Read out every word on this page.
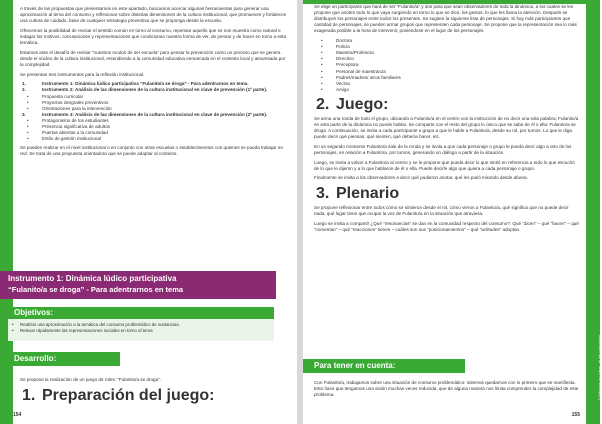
A través de las propuestas que presentamos en este apartado, buscamos acercar algunas herramientas para generar una aproximación al tema del consumo y reflexionar sobre distintas dimensiones de la cultura institucional, que promueven y fortalecen una cultura de cuidado, base de cualquier estrategia preventiva que se proponga desde la escuela.

Ofrecemos la posibilidad de revisar el sentido común en torno al consumo, repensar aquello que se nos muestra como natural e indagar los motivos, concepciones y representaciones que condicionan nuestra forma de ver, de pensar y de hacer en torno a esta temática.

Estamos ante el desafío de revisar “nuestros modos de ser escuela” para pensar la prevención como un proceso que se genera desde el núcleo de la cultura institucional, entendiendo a la comunidad educativa enmarcada en el contexto local y atravesada por la complejidad.

Se presentan tres instrumentos para la reflexión institucional.

1.	Instrumento 1: Dinámica lúdico participativa “Fulanito/a se droga” - Para adentrarnos en tema.
2.	Instrumento 2: Análisis de las dimensiones de la cultura institucional en clave de prevención (1º parte).
• Propuesta curricular
• Proyectos integrales preventivos
• Orientaciones para la intervención
3.	Instrumento 3: Análisis de las dimensiones de la cultura institucional en clave de prevención (2º parte).
• Protagonismo de los estudiantes
• Presencia significativa de adultos
• Puertas abiertas a la comunidad
• Estilo de gestión institucional

Se pueden realizar en el nivel institucional o en conjunto con otras escuelas o establecimientos con quienes se pueda trabajar en red. Se trata de una propuesta orientadora que se puede adaptar al contexto.

Instrumento 1: Dinámica lúdico participativa
“Fulanito/a se droga” - Para adentrarnos en tema
Objetivos:
• Realizar una aproximación a la temática del consumo problemático de sustancias.
• Relevar rápidamente las representaciones sociales en torno al tema
Desarrollo:

Se propone la realización de un juego de roles: “Fulanito/a se droga”.

1. Preparación del juego:
154
Cuidarnos en juego, el del prevenido

Se elige un participante que hará de ser “Fulanito/a” y dos para que sean observadores de toda la dinámica, a los cuales se les propone que anoten todo lo que vaya surgiendo en torno lo que se dice, los gestos, lo que les llama la atención. Después se distribuyen los personajes entre todos los presentes. Se sugiere la siguiente lista de personajes. Si hay más participantes que cantidad de personajes, se pueden armar grupos que representen cada personaje. Se propone que la representación sea lo más exagerada posible a la hora de intervenir, poniéndose en el lugar de los personajes.

• Doctora
• Policía
• Maestra/Profesora
• Directivo
• Preceptora
• Personal de maestranza
• Padres/madres/ otros familiares
• Vecina
• Amigo
2. Juego:

Se arma una ronda de todo el grupo, ubicando a Fulanito/a en el centro con la instrucción de no decir una sola palabra; Fulanito/a en esta parte de la dinámica no puede hablar. Se comparte con el resto del grupo lo único que se sabe de él o ella: Fulanito/a se droga. A continuación, se invita a cada participante o grupo a que le hable a Fulanito/a, desde su rol, por turnos. Lo que le diga puede decir qué piensan, qué sienten, qué debería hacer, etc.

En un segundo momento Fulanito/a sale de la ronda y se invita a que cada personaje o grupo le pueda decir algo a otro de los personajes, en relación a Fulanito/a, por turnos, generando un diálogo a partir de la situación.

Luego, se invita a volver a Fulanito/a al centro y se le propone que pueda decir lo que sintió en referencia a todo lo que escuchó de lo que le dijeron y a lo que hablaron de él o ella. Puede decirle algo que quiera a cada personaje o grupo.

Finalmente se invita a los observadores a decir qué pudieron anotar, qué les pasó mirando desde afuera.

3. Plenario

Se propone reflexionar entre todos cómo se sintieron desde el rol, cómo vieron a Fulanito/a, qué significa que no puede decir nada, qué lugar tiene que ocupar la voz de Fulanito/a en la situación que atraviesa.

Luego se invita a compartir ¿Qué “resonancias” se dan en la comunidad respecto del consumo?: Qué “dicen” – qué “hacen” – qué “comentan” – qué “reacciones” tienen – cuáles son sus “posicionamientos” – qué “actitudes” adoptan.

Para tener en cuenta:

Con Fulanito/a, trabajamos sobre una situación de consumo problemático: solemos quedarnos con lo primero que se manifiesta. Esto hace que tengamos una visión muchas veces reducida, que de alguna manera nos limita comprender la complejidad de este problema.

155
